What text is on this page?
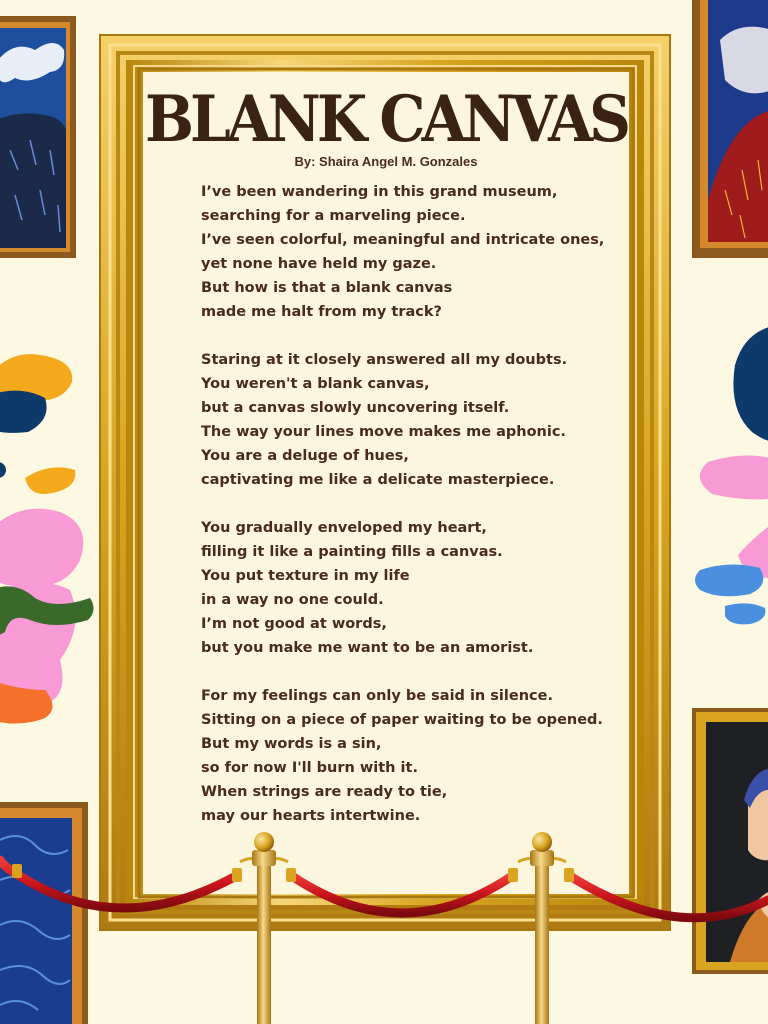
BLANK CANVAS
By: Shaira Angel M. Gonzales
I’ve been wandering in this grand museum,
searching for a marveling piece.
I’ve seen colorful, meaningful and intricate ones,
yet none have held my gaze.
But how is that a blank canvas
made me halt from my track?
Staring at it closely answered all my doubts.
You weren't a blank canvas,
but a canvas slowly uncovering itself.
The way your lines move makes me aphonic.
You are a deluge of hues,
captivating me like a delicate masterpiece.
You gradually enveloped my heart,
filling it like a painting fills a canvas.
You put texture in my life
in a way no one could.
I’m not good at words,
but you make me want to be an amorist.
For my feelings can only be said in silence.
Sitting on a piece of paper waiting to be opened.
But my words is a sin,
so for now I'll burn with it.
When strings are ready to tie,
may our hearts intertwine.
